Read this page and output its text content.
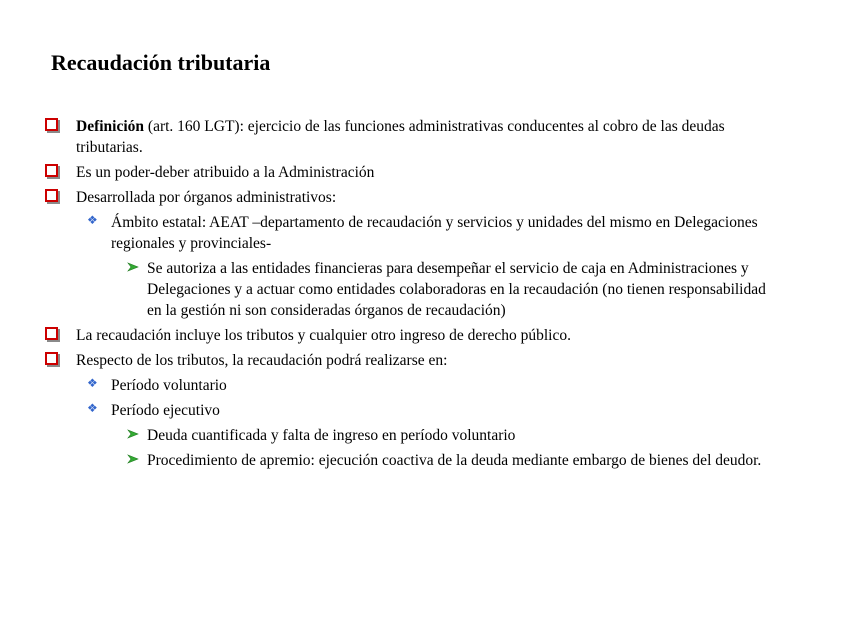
Recaudación tributaria
Definición (art. 160 LGT): ejercicio de las funciones administrativas conducentes al cobro de las deudas tributarias.
Es un poder-deber atribuido a la Administración
Desarrollada por órganos administrativos:
❖ Ámbito estatal: AEAT –departamento de recaudación y servicios y unidades del mismo en Delegaciones regionales y provinciales-
Se autoriza a las entidades financieras para desempeñar el servicio de caja en Administraciones y Delegaciones y a actuar como entidades colaboradoras en la recaudación (no tienen responsabilidad en la gestión ni son consideradas órganos de recaudación)
La recaudación incluye los tributos y cualquier otro ingreso de derecho público.
Respecto de los tributos, la recaudación podrá realizarse en:
❖ Período voluntario
❖ Período ejecutivo
Deuda cuantificada y falta de ingreso en período voluntario
Procedimiento de apremio: ejecución coactiva de la deuda mediante embargo de bienes del deudor.
